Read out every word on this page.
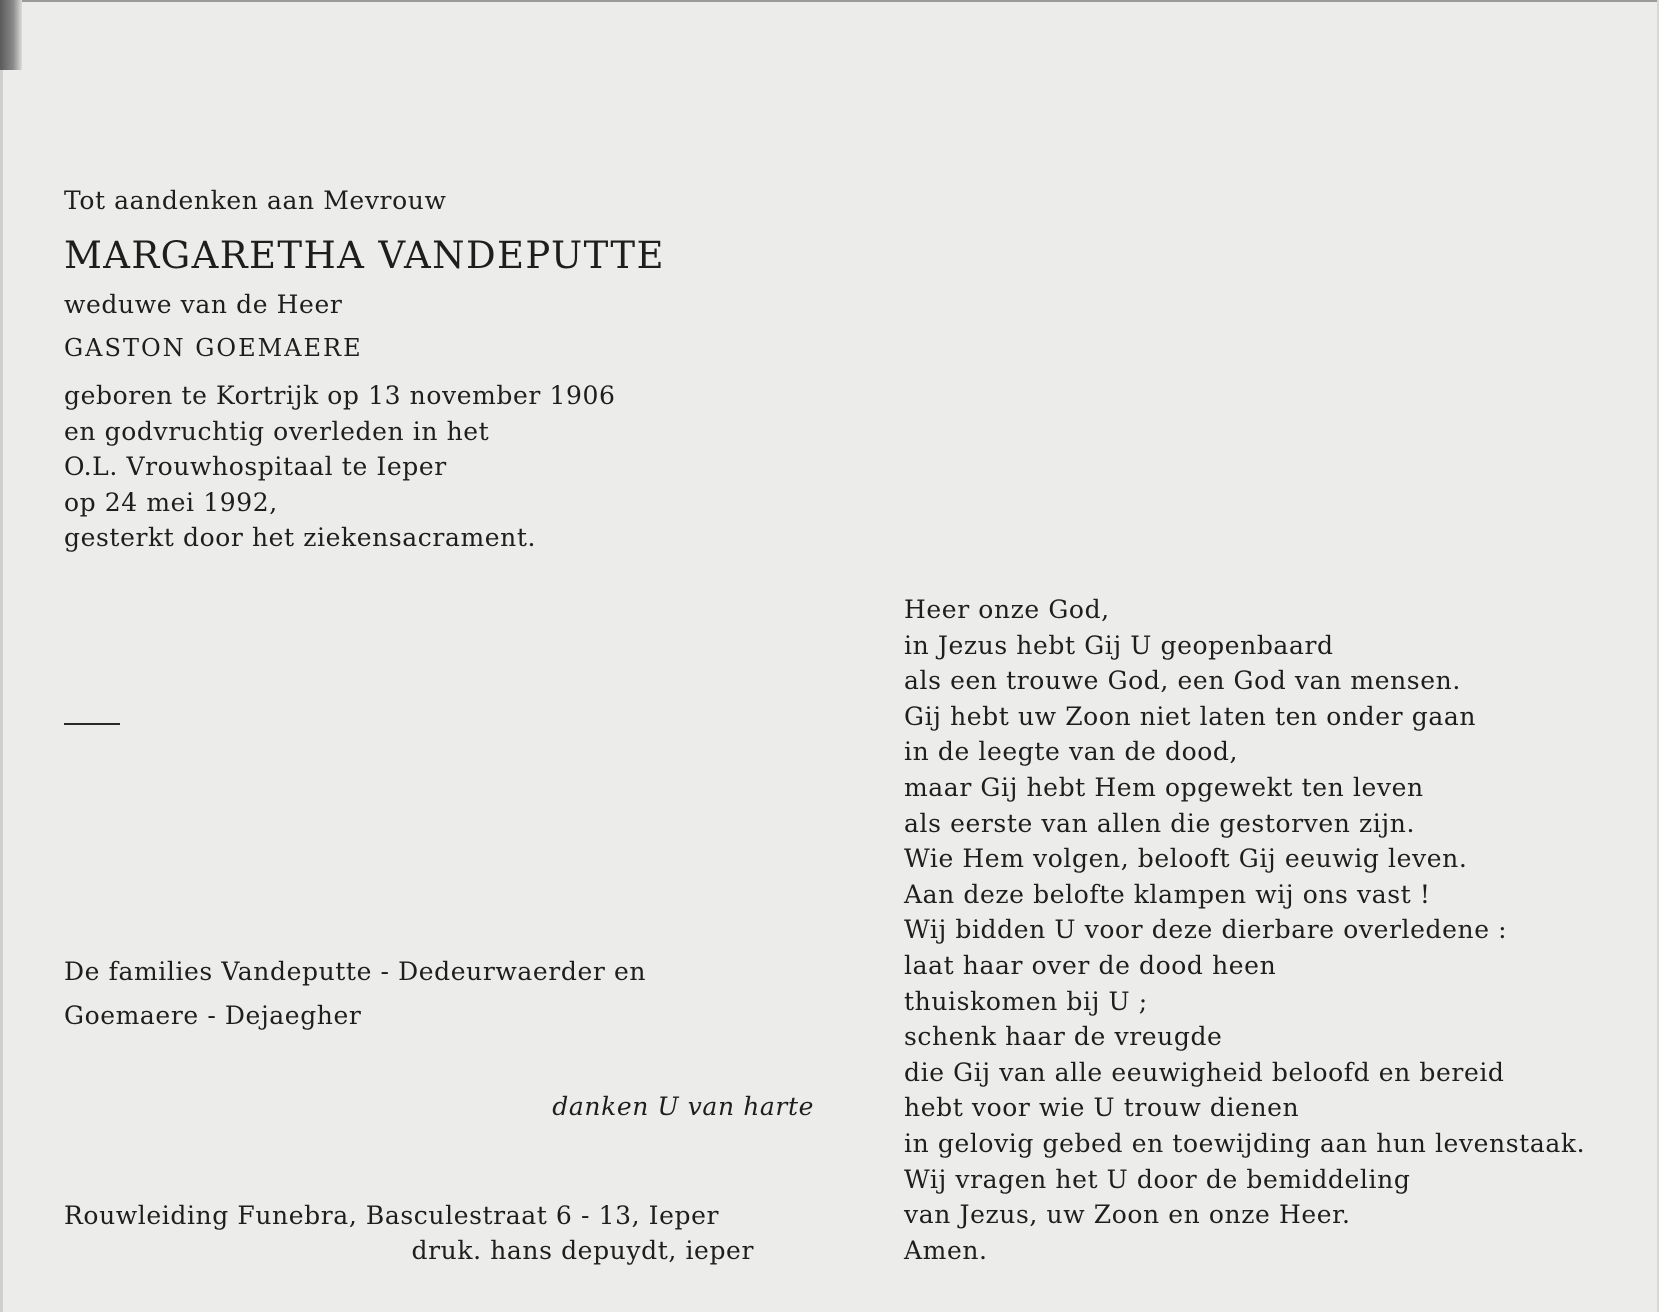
Tot aandenken aan Mevrouw
MARGARETHA VANDEPUTTE
weduwe van de Heer
GASTON GOEMAERE
geboren te Kortrijk op 13 november 1906
en godvruchtig overleden in het
O.L. Vrouwhospitaal te Ieper
op 24 mei 1992,
gesterkt door het ziekensacrament.
De families Vandeputte - Dedeurwaerder en
Goemaere - Dejaegher
danken U van harte
Rouwleiding Funebra, Basculestraat 6 - 13, Ieper
druk. hans depuydt, ieper
Heer onze God,
in Jezus hebt Gij U geopenbaard
als een trouwe God, een God van mensen.
Gij hebt uw Zoon niet laten ten onder gaan
in de leegte van de dood,
maar Gij hebt Hem opgewekt ten leven
als eerste van allen die gestorven zijn.
Wie Hem volgen, belooft Gij eeuwig leven.
Aan deze belofte klampen wij ons vast !
Wij bidden U voor deze dierbare overledene :
laat haar over de dood heen
thuiskomen bij U ;
schenk haar de vreugde
die Gij van alle eeuwigheid beloofd en bereid
hebt voor wie U trouw dienen
in gelovig gebed en toewijding aan hun levenstaak.
Wij vragen het U door de bemiddeling
van Jezus, uw Zoon en onze Heer.
Amen.
